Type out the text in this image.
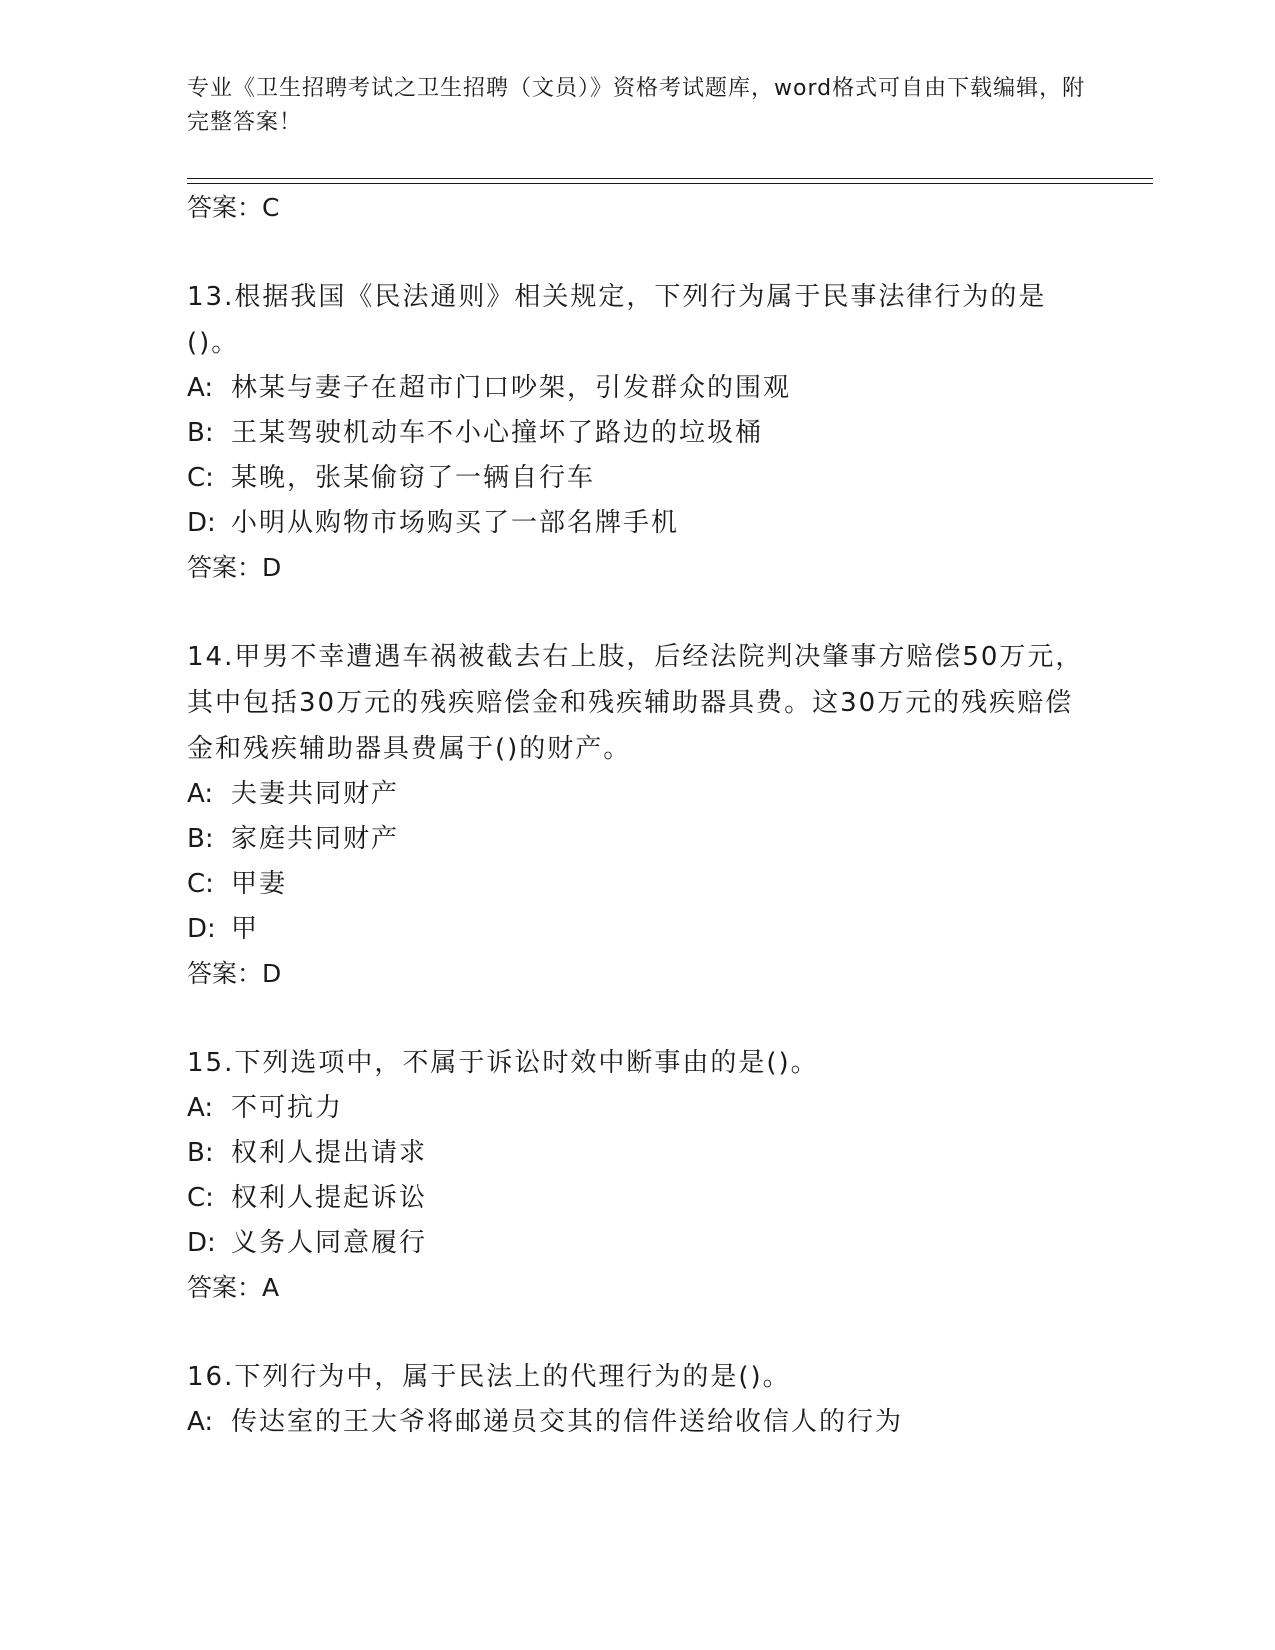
专业《卫生招聘考试之卫生招聘（文员）》资格考试题库，word格式可自由下载编辑，附完整答案！

答案：C

13.根据我国《民法通则》相关规定，下列行为属于民事法律行为的是()。

A: 林某与妻子在超市门口吵架，引发群众的围观

B: 王某驾驶机动车不小心撞坏了路边的垃圾桶

C: 某晚，张某偷窃了一辆自行车

D: 小明从购物市场购买了一部名牌手机

答案：D

14.甲男不幸遭遇车祸被截去右上肢，后经法院判决肇事方赔偿50万元，其中包括30万元的残疾赔偿金和残疾辅助器具费。这30万元的残疾赔偿金和残疾辅助器具费属于()的财产。

A: 夫妻共同财产

B: 家庭共同财产

C: 甲妻

D: 甲

答案：D

15.下列选项中，不属于诉讼时效中断事由的是()。

A: 不可抗力

B: 权利人提出请求

C: 权利人提起诉讼

D: 义务人同意履行

答案：A

16.下列行为中，属于民法上的代理行为的是()。

A: 传达室的王大爷将邮递员交其的信件送给收信人的行为
